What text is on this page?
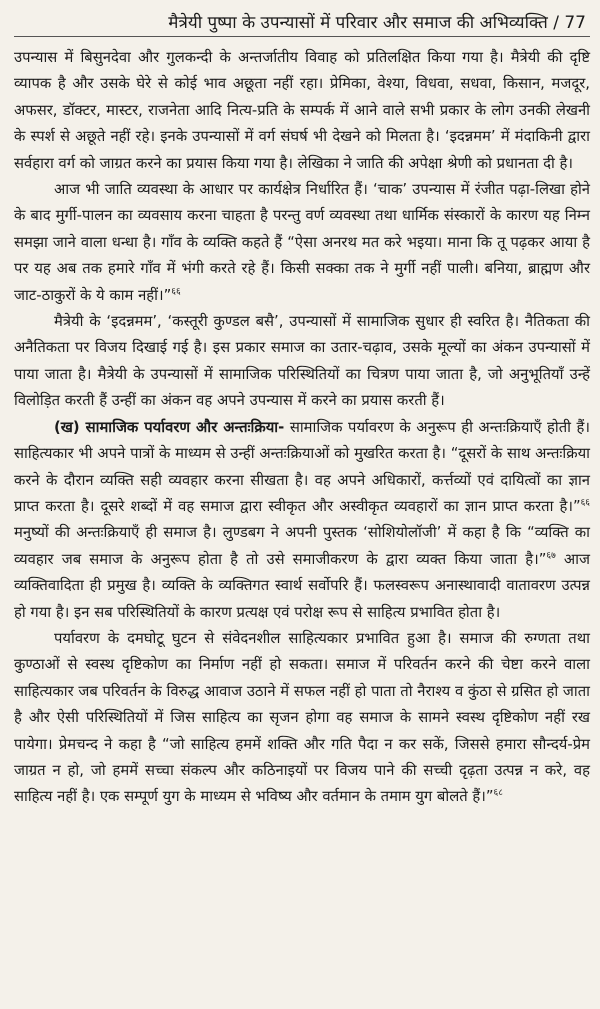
मैत्रेयी पुष्पा के उपन्यासों में परिवार और समाज की अभिव्यक्ति / 77

उपन्यास में बिसुनदेवा और गुलकन्दी के अन्तर्जातीय विवाह को प्रतिलक्षित किया गया है। मैत्रेयी की दृष्टि व्यापक है और उसके घेरे से कोई भाव अछूता नहीं रहा। प्रेमिका, वेश्या, विधवा, सधवा, किसान, मजदूर, अफसर, डॉक्टर, मास्टर, राजनेता आदि नित्य-प्रति के सम्पर्क में आने वाले सभी प्रकार के लोग उनकी लेखनी के स्पर्श से अछूते नहीं रहे। इनके उपन्यासों में वर्ग संघर्ष भी देखने को मिलता है। ‘इदन्नमम’ में मंदाकिनी द्वारा सर्वहारा वर्ग को जाग्रत करने का प्रयास किया गया है। लेखिका ने जाति की अपेक्षा श्रेणी को प्रधानता दी है।

आज भी जाति व्यवस्था के आधार पर कार्यक्षेत्र निर्धारित हैं। ‘चाक’ उपन्यास में रंजीत पढ़ा-लिखा होने के बाद मुर्गी-पालन का व्यवसाय करना चाहता है परन्तु वर्ण व्यवस्था तथा धार्मिक संस्कारों के कारण यह निम्न समझा जाने वाला धन्धा है। गाँव के व्यक्ति कहते हैं “ऐसा अनरथ मत करे भइया। माना कि तू पढ़कर आया है पर यह अब तक हमारे गाँव में भंगी करते रहे हैं। किसी सक्का तक ने मुर्गी नहीं पाली। बनिया, ब्राह्मण और जाट-ठाकुरों के ये काम नहीं।”$^{६६}$

मैत्रेयी के ‘इदन्नमम’, ‘कस्तूरी कुण्डल बसै’, उपन्यासों में सामाजिक सुधार ही स्वरित है। नैतिकता की अनैतिकता पर विजय दिखाई गई है। इस प्रकार समाज का उतार-चढ़ाव, उसके मूल्यों का अंकन उपन्यासों में पाया जाता है। मैत्रेयी के उपन्यासों में सामाजिक परिस्थितियों का चित्रण पाया जाता है, जो अनुभूतियाँ उन्हें विलोड़ित करती हैं उन्हीं का अंकन वह अपने उपन्यास में करने का प्रयास करती हैं।

(ख) सामाजिक पर्यावरण और अन्तःक्रिया- सामाजिक पर्यावरण के अनुरूप ही अन्तःक्रियाएँ होती हैं। साहित्यकार भी अपने पात्रों के माध्यम से उन्हीं अन्तःक्रियाओं को मुखरित करता है। “दूसरों के साथ अन्तःक्रिया करने के दौरान व्यक्ति सही व्यवहार करना सीखता है। वह अपने अधिकारों, कर्त्तव्यों एवं दायित्वों का ज्ञान प्राप्त करता है। दूसरे शब्दों में वह समाज द्वारा स्वीकृत और अस्वीकृत व्यवहारों का ज्ञान प्राप्त करता है।”$^{६६}$ मनुष्यों की अन्तःक्रियाएँ ही समाज है। लुण्डबग ने अपनी पुस्तक ‘सोशियोलॉजी’ में कहा है कि “व्यक्ति का व्यवहार जब समाज के अनुरूप होता है तो उसे समाजीकरण के द्वारा व्यक्त किया जाता है।”$^{६७}$ आज व्यक्तिवादिता ही प्रमुख है। व्यक्ति के व्यक्तिगत स्वार्थ सर्वोपरि हैं। फलस्वरूप अनास्थावादी वातावरण उत्पन्न हो गया है। इन सब परिस्थितियों के कारण प्रत्यक्ष एवं परोक्ष रूप से साहित्य प्रभावित होता है।

पर्यावरण के दमघोटू घुटन से संवेदनशील साहित्यकार प्रभावित हुआ है। समाज की रुग्णता तथा कुण्ठाओं से स्वस्थ दृष्टिकोण का निर्माण नहीं हो सकता। समाज में परिवर्तन करने की चेष्टा करने वाला साहित्यकार जब परिवर्तन के विरुद्ध आवाज उठाने में सफल नहीं हो पाता तो नैराश्य व कुंठा से ग्रसित हो जाता है और ऐसी परिस्थितियों में जिस साहित्य का सृजन होगा वह समाज के सामने स्वस्थ दृष्टिकोण नहीं रख पायेगा। प्रेमचन्द ने कहा है “जो साहित्य हममें शक्ति और गति पैदा न कर सकें, जिससे हमारा सौन्दर्य-प्रेम जाग्रत न हो, जो हममें सच्चा संकल्प और कठिनाइयों पर विजय पाने की सच्ची दृढ़ता उत्पन्न न करे, वह साहित्य नहीं है। एक सम्पूर्ण युग के माध्यम से भविष्य और वर्तमान के तमाम युग बोलते हैं।”$^{६८}$
